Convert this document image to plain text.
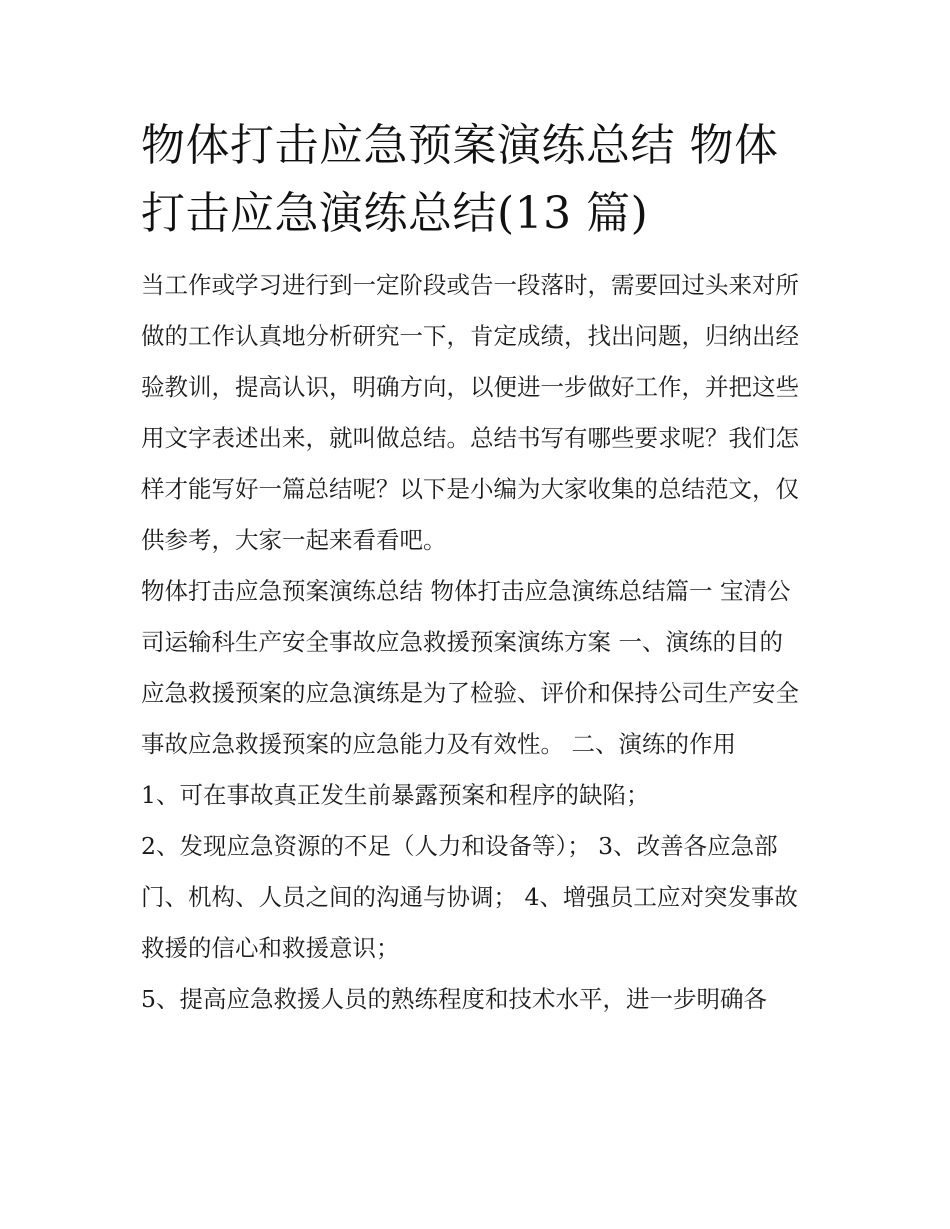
物体打击应急预案演练总结 物体打击应急演练总结(13 篇)

当工作或学习进行到一定阶段或告一段落时，需要回过头来对所做的工作认真地分析研究一下，肯定成绩，找出问题，归纳出经验教训，提高认识，明确方向，以便进一步做好工作，并把这些用文字表述出来，就叫做总结。总结书写有哪些要求呢？我们怎样才能写好一篇总结呢？以下是小编为大家收集的总结范文，仅供参考，大家一起来看看吧。

物体打击应急预案演练总结 物体打击应急演练总结篇一 宝清公司运输科生产安全事故应急救援预案演练方案 一、演练的目的

应急救援预案的应急演练是为了检验、评价和保持公司生产安全事故应急救援预案的应急能力及有效性。 二、演练的作用

1、可在事故真正发生前暴露预案和程序的缺陷；

2、发现应急资源的不足（人力和设备等）； 3、改善各应急部门、机构、人员之间的沟通与协调； 4、增强员工应对突发事故救援的信心和救援意识；

5、提高应急救援人员的熟练程度和技术水平，进一步明确各
